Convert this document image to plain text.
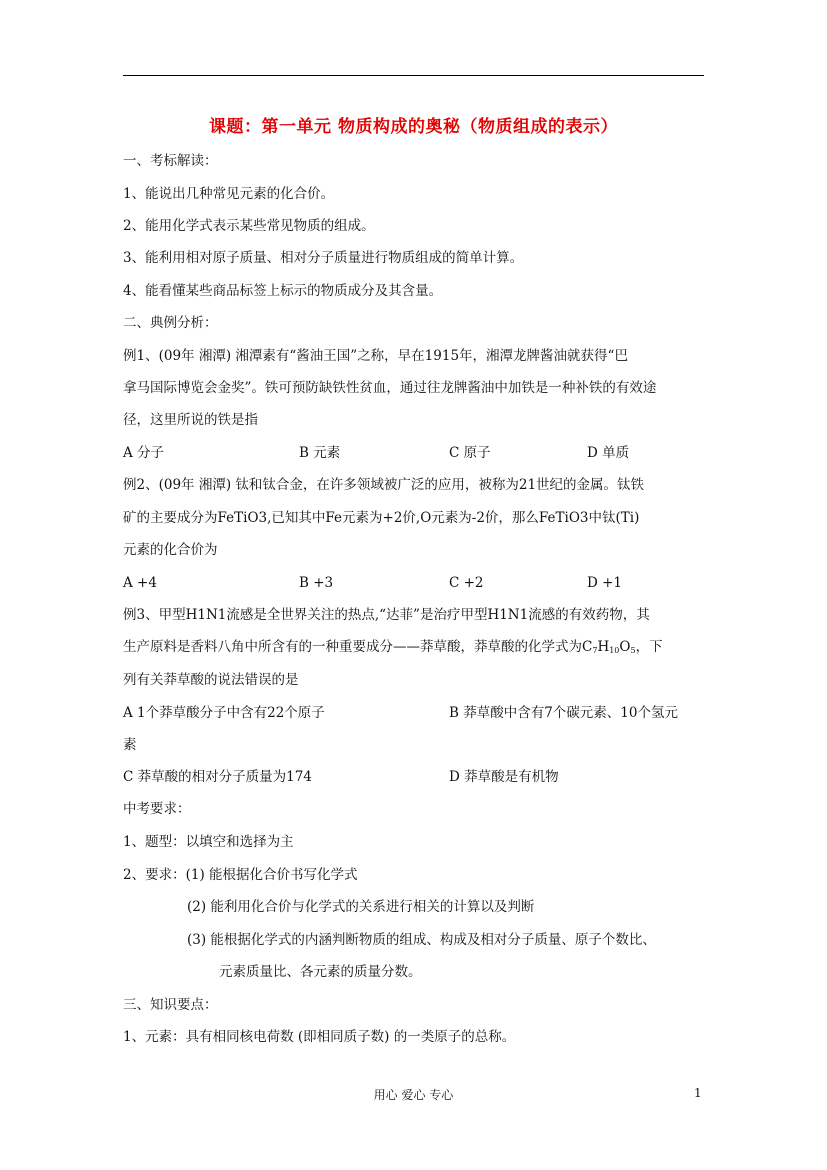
课题：第一单元 物质构成的奥秘（物质组成的表示）
一、考标解读：
1、能说出几种常见元素的化合价。
2、能用化学式表示某些常见物质的组成。
3、能利用相对原子质量、相对分子质量进行物质组成的简单计算。
4、能看懂某些商品标签上标示的物质成分及其含量。
二、典例分析：
例1、(09年 湘潭) 湘潭素有“酱油王国”之称，早在1915年，湘潭龙牌酱油就获得“巴
拿马国际博览会金奖”。铁可预防缺铁性贫血，通过往龙牌酱油中加铁是一种补铁的有效途
径，这里所说的铁是指
A 分子	B 元素	C 原子	D 单质
例2、(09年 湘潭) 钛和钛合金，在许多领域被广泛的应用，被称为21世纪的金属。钛铁
矿的主要成分为FeTiO3,已知其中Fe元素为+2价,O元素为-2价，那么FeTiO3中钛(Ti)
元素的化合价为
A +4	B +3	C +2	D +1
例3、甲型H1N1流感是全世界关注的热点,“达菲”是治疗甲型H1N1流感的有效药物，其
生产原料是香料八角中所含有的一种重要成分——莽草酸，莽草酸的化学式为$C_7H_{10}O_5$，下
列有关莽草酸的说法错误的是
A 1个莽草酸分子中含有22个原子	B 莽草酸中含有7个碳元素、10个氢元
素
C 莽草酸的相对分子质量为174	D 莽草酸是有机物
中考要求：
1、题型：以填空和选择为主
2、要求：(1) 能根据化合价书写化学式
(2) 能利用化合价与化学式的关系进行相关的计算以及判断
(3) 能根据化学式的内涵判断物质的组成、构成及相对分子质量、原子个数比、
元素质量比、各元素的质量分数。
三、知识要点：
1、元素：具有相同核电荷数 (即相同质子数) 的一类原子的总称。
用心 爱心 专心	1
